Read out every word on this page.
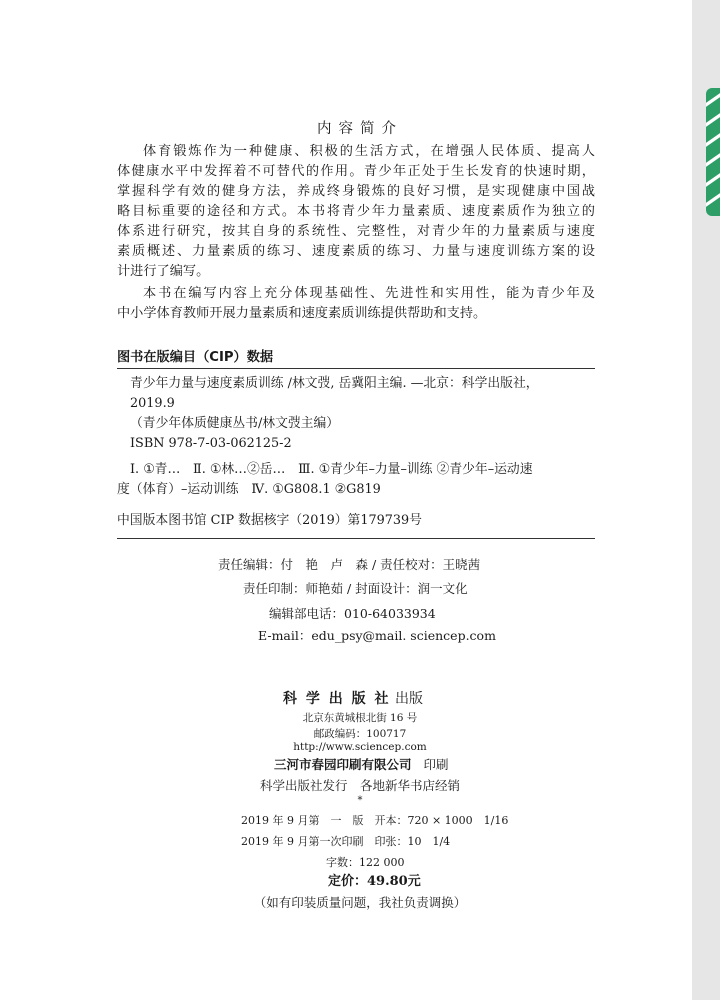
内容简介
体育锻炼作为一种健康、积极的生活方式，在增强人民体质、提高人
体健康水平中发挥着不可替代的作用。青少年正处于生长发育的快速时期，
掌握科学有效的健身方法，养成终身锻炼的良好习惯，是实现健康中国战
略目标重要的途径和方式。本书将青少年力量素质、速度素质作为独立的
体系进行研究，按其自身的系统性、完整性，对青少年的力量素质与速度
素质概述、力量素质的练习、速度素质的练习、力量与速度训练方案的设
计进行了编写。
本书在编写内容上充分体现基础性、先进性和实用性，能为青少年及
中小学体育教师开展力量素质和速度素质训练提供帮助和支持。
图书在版编目（CIP）数据
青少年力量与速度素质训练 /林文弢, 岳冀阳主编. —北京：科学出版社，
2019.9
（青少年体质健康丛书/林文弢主编）
ISBN 978-7-03-062125-2
I. ①青…　Ⅱ. ①林…②岳…　Ⅲ. ①青少年–力量–训练 ②青少年–运动速
度（体育）–运动训练　Ⅳ. ①G808.1 ②G819
中国版本图书馆 CIP 数据核字（2019）第179739号
责任编辑：付　艳　卢　森 / 责任校对：王晓茜
责任印制：师艳茹 / 封面设计：润一文化
编辑部电话：010-64033934
E-mail：edu_psy@mail. sciencep.com
科 学 出 版 社 出版
北京东黄城根北街 16 号
邮政编码：100717
http://www.sciencep.com
三河市春园印刷有限公司 印刷
科学出版社发行　各地新华书店经销
*
2019 年 9 月第　一　版　开本：720 × 1000　1/16
2019 年 9 月第一次印刷　印张：10　1/4
字数：122 000
定价：49.80元
（如有印装质量问题，我社负责调换）
